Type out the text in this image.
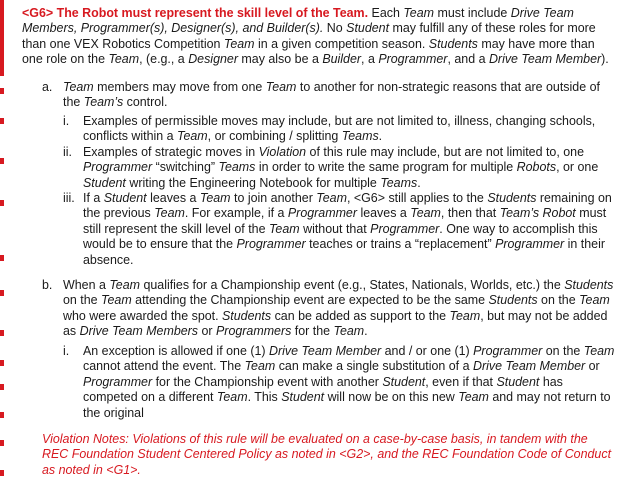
<G6> The Robot must represent the skill level of the Team. Each Team must include Drive Team Members, Programmer(s), Designer(s), and Builder(s). No Student may fulfill any of these roles for more than one VEX Robotics Competition Team in a given competition season. Students may have more than one role on the Team, (e.g., a Designer may also be a Builder, a Programmer, and a Drive Team Member).

a. Team members may move from one Team to another for non-strategic reasons that are outside of the Team’s control.

i. Examples of permissible moves may include, but are not limited to, illness, changing schools, conflicts within a Team, or combining / splitting Teams.

ii. Examples of strategic moves in Violation of this rule may include, but are not limited to, one Programmer “switching” Teams in order to write the same program for multiple Robots, or one Student writing the Engineering Notebook for multiple Teams.

iii. If a Student leaves a Team to join another Team, <G6> still applies to the Students remaining on the previous Team. For example, if a Programmer leaves a Team, then that Team’s Robot must still represent the skill level of the Team without that Programmer. One way to accomplish this would be to ensure that the Programmer teaches or trains a “replacement” Programmer in their absence.

b. When a Team qualifies for a Championship event (e.g., States, Nationals, Worlds, etc.) the Students on the Team attending the Championship event are expected to be the same Students on the Team who were awarded the spot. Students can be added as support to the Team, but may not be added as Drive Team Members or Programmers for the Team.

i. An exception is allowed if one (1) Drive Team Member and / or one (1) Programmer on the Team cannot attend the event. The Team can make a single substitution of a Drive Team Member or Programmer for the Championship event with another Student, even if that Student has competed on a different Team. This Student will now be on this new Team and may not return to the original

Violation Notes: Violations of this rule will be evaluated on a case-by-case basis, in tandem with the REC Foundation Student Centered Policy as noted in <G2>, and the REC Foundation Code of Conduct as noted in <G1>.
